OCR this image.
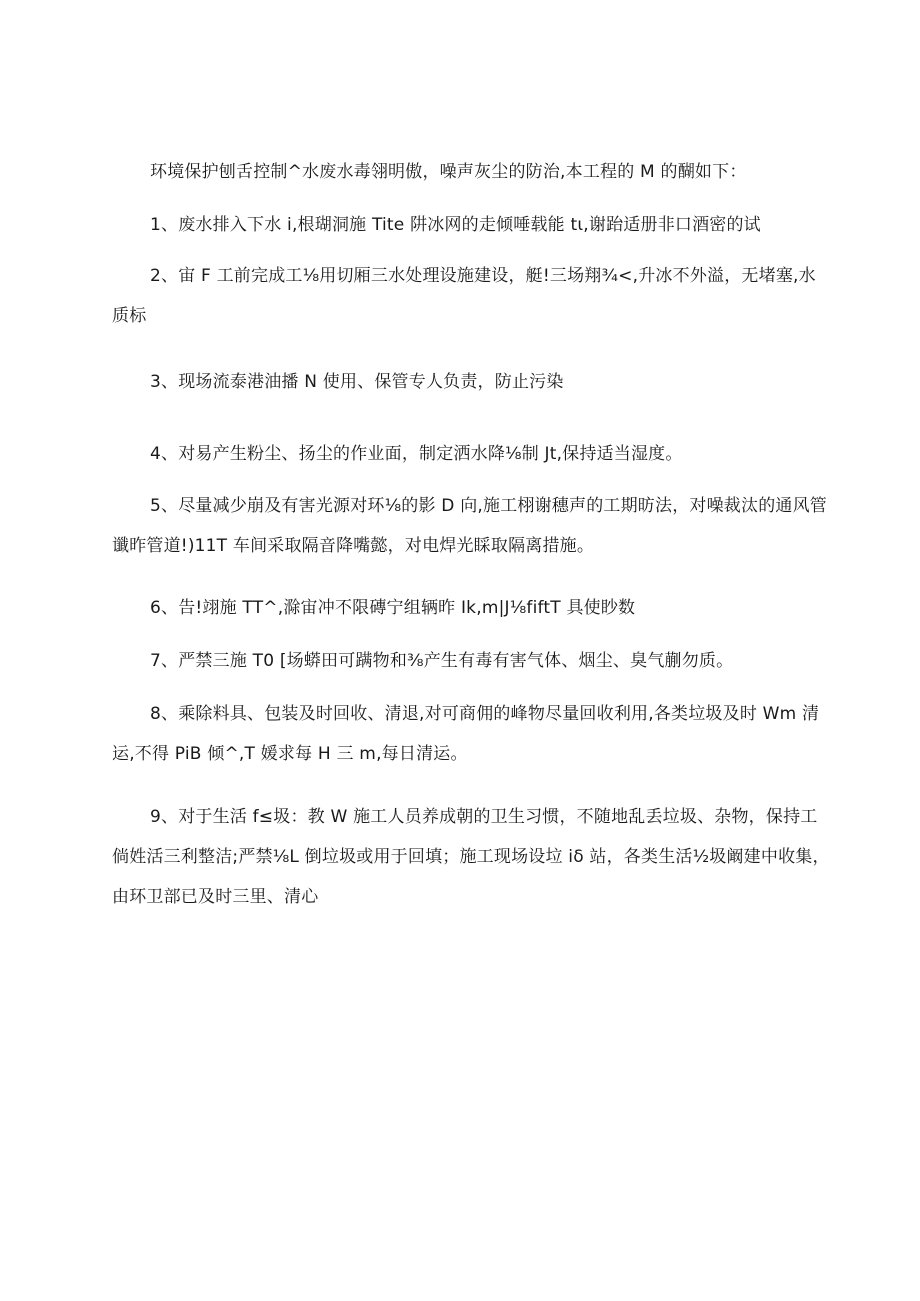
环境保护刨舌控制^水废水毒翎明傲，噪声灰尘的防治,本工程的 M 的醐如下：

1、废水排入下水 i,根瑚洞施 Tite 阱冰网的走倾唾载能 tι,谢跆适册非口酒密的试

2、宙 F 工前完成工⅛用切厢三水处理设施建设，艇!三场翔¾<,升冰不外溢，无堵塞,水质标

3、现场流泰港油播 N 使用、保管专人负责，防止污染

4、对易产生粉尘、扬尘的作业面，制定洒水降⅛制 Jt,保持适当湿度。

5、尽量减少崩及有害光源对环⅛的影 D 向,施工栩谢穗声的工期昉法，对噪裁汰的通风管谶昨管道!)11T 车间采取隔音降嘴懿，对电焊光睬取隔离措施。

6、告!翊施 TT^,滁宙冲不限磚宁组辆昨 Ik,m|J⅛fiftT 具使眇数

7、严禁三施 T0 [场蟒田可蹒物和⅜产生有毒有害气体、烟尘、臭气蒯勿质。

8、乘除料具、包装及时回收、清退,对可商佣的峰物尽量回收利用,各类垃圾及时 Wm 清运,不得 PiB 倾^,T 媛求每 H 三 m,每日清运。

9、对于生活 f≤圾：教 W 施工人员养成朝的卫生习惯，不随地乱丢垃圾、杂物，保持工倘姓活三利整洁;严禁⅛L 倒垃圾或用于回填；施工现场设垃 iδ 站，各类生活½圾阚建中收集，由环卫部已及时三里、清心
